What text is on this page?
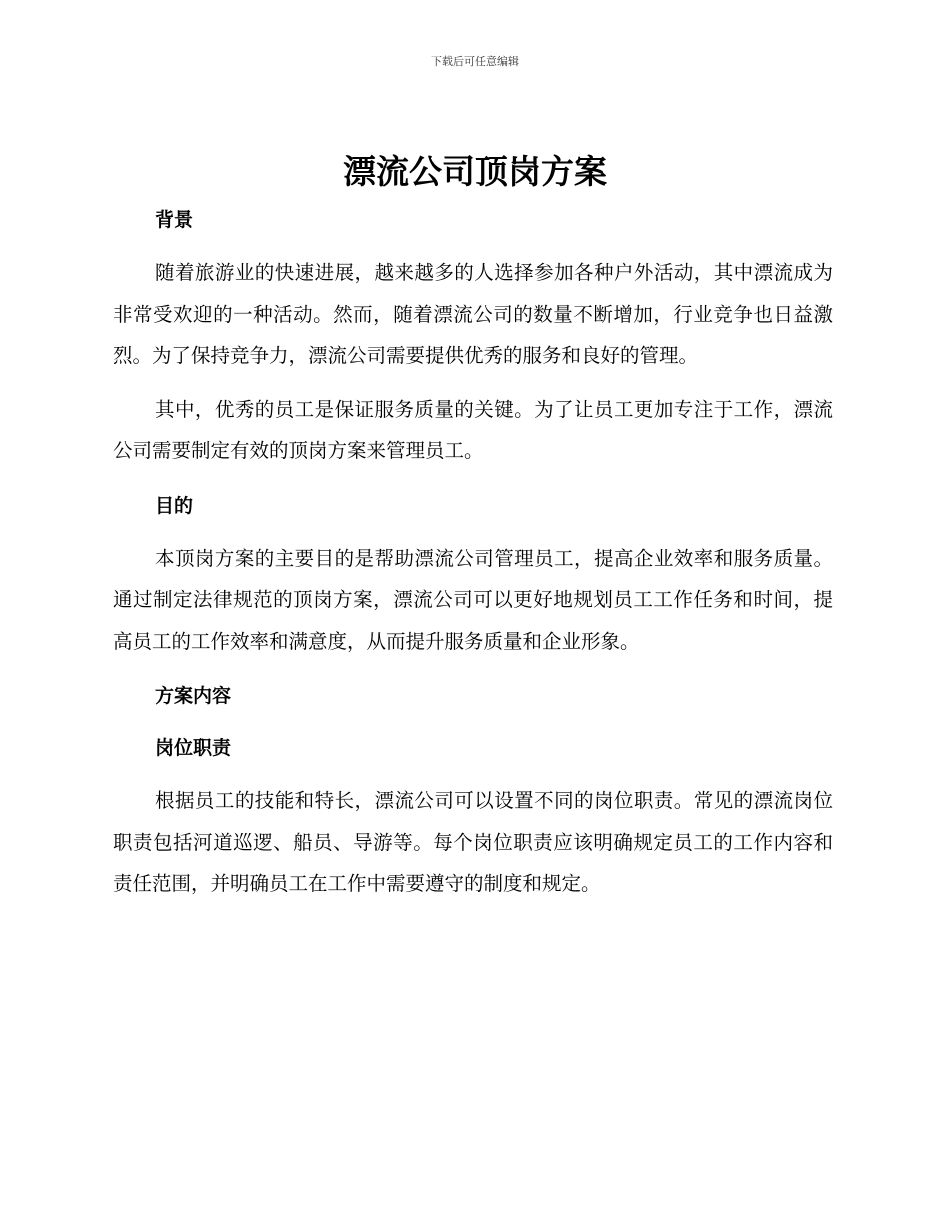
下载后可任意编辑
漂流公司顶岗方案
背景

随着旅游业的快速进展，越来越多的人选择参加各种户外活动，其中漂流成为非常受欢迎的一种活动。然而，随着漂流公司的数量不断增加，行业竞争也日益激烈。为了保持竞争力，漂流公司需要提供优秀的服务和良好的管理。

其中，优秀的员工是保证服务质量的关键。为了让员工更加专注于工作，漂流公司需要制定有效的顶岗方案来管理员工。

目的

本顶岗方案的主要目的是帮助漂流公司管理员工，提高企业效率和服务质量。通过制定法律规范的顶岗方案，漂流公司可以更好地规划员工工作任务和时间，提高员工的工作效率和满意度，从而提升服务质量和企业形象。

方案内容
岗位职责

根据员工的技能和特长，漂流公司可以设置不同的岗位职责。常见的漂流岗位职责包括河道巡逻、船员、导游等。每个岗位职责应该明确规定员工的工作内容和责任范围，并明确员工在工作中需要遵守的制度和规定。
